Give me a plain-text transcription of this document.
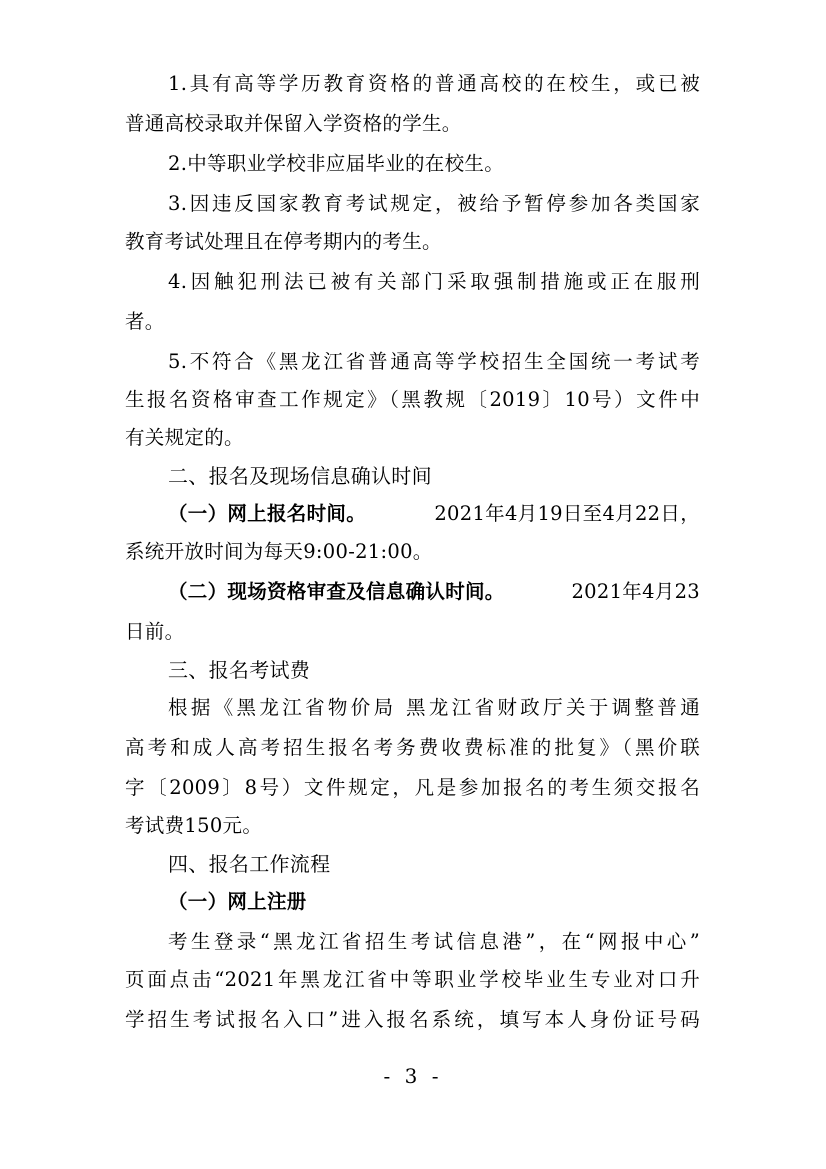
1.具有高等学历教育资格的普通高校的在校生，或已被
普通高校录取并保留入学资格的学生。
2.中等职业学校非应届毕业的在校生。
3.因违反国家教育考试规定，被给予暂停参加各类国家
教育考试处理且在停考期内的考生。
4.因触犯刑法已被有关部门采取强制措施或正在服刑
者。
5.不符合《黑龙江省普通高等学校招生全国统一考试考
生报名资格审查工作规定》（黑教规〔2019〕10号）文件中
有关规定的。
二、报名及现场信息确认时间
（一）网上报名时间。	2021年4月19日至4月22日，
系统开放时间为每天9:00-21:00。
（二）现场资格审查及信息确认时间。	2021年4月23
日前。
三、报名考试费
根据《黑龙江省物价局 黑龙江省财政厅关于调整普通
高考和成人高考招生报名考务费收费标准的批复》（黑价联
字〔2009〕8号）文件规定，凡是参加报名的考生须交报名
考试费150元。
四、报名工作流程
（一）网上注册
考生登录“黑龙江省招生考试信息港”，在“网报中心”
页面点击“2021年黑龙江省中等职业学校毕业生专业对口升
学招生考试报名入口”进入报名系统，填写本人身份证号码
- 3 -
